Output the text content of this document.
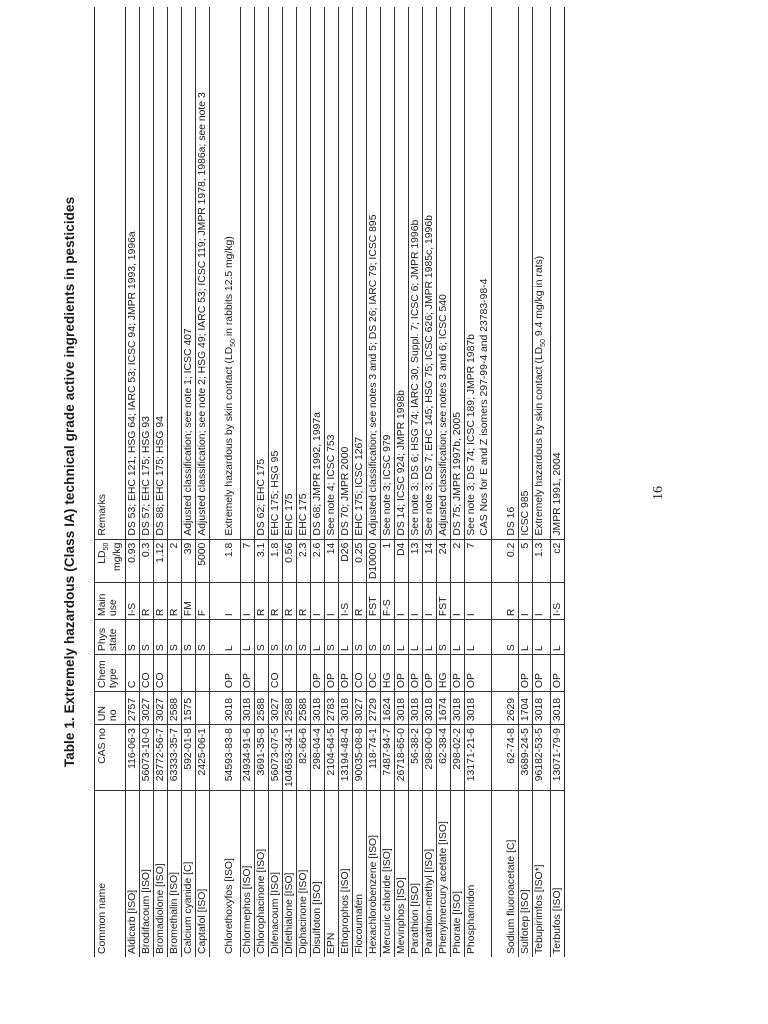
Table 1. Extremely hazardous (Class IA) technical grade active ingredients in pesticides
Common name	CAS no	UN no	Chem type	Phys state	Main use	$LD_{50}$ mg/kg	Remarks
Aldicarb [ISO]	116-06-3	2757	C	S	I-S	0.93	DS 53; EHC 121; HSG 64; IARC 53; ICSC 94; JMPR 1993, 1996a
Brodifacoum [ISO]	56073-10-0	3027	CO	S	R	0.3	DS 57; EHC 175; HSG 93
Bromadiolone [ISO]	28772-56-7	3027	CO	S	R	1.12	DS 88; EHC 175; HSG 94
Bromethalin [ISO]	63333-35-7	2588		S	R	2	
Calcium cyanide [C]	592-01-8	1575		S	FM	39	Adjusted classification; see note 1; ICSC 407
Captafol [ISO]	2425-06-1			S	F	5000	Adjusted classification; see note 2; HSG 49; IARC 53; ICSC 119; JMPR 1978, 1986a; see note 3
Chlorethoxyfos [ISO]	54593-83-8	3018	OP	L	I	1.8	Extremely hazardous by skin contact ($LD_{50}$ in rabbits 12.5 mg/kg)
Chlormephos [ISO]	24934-91-6	3018	OP	L	I	7	
Chlorophacinone [ISO]	3691-35-8	2588		S	R	3.1	DS 62; EHC 175
Difenacoum [ISO]	56073-07-5	3027	CO	S	R	1.8	EHC 175; HSG 95
Difethialone [ISO]	104653-34-1	2588		S	R	0.56	EHC 175
Diphacinone [ISO]	82-66-6	2588		S	R	2.3	EHC 175
Disulfoton [ISO]	298-04-4	3018	OP	L	I	2.6	DS 68; JMPR 1992, 1997a
EPN	2104-64-5	2783	OP	S	I	14	See note 4; ICSC 753
Ethoprophos [ISO]	13194-48-4	3018	OP	L	I-S	D26	DS 70; JMPR 2000
Flocoumafen	90035-08-8	3027	CO	S	R	0.25	EHC 175; ICSC 1267
Hexachlorobenzene [ISO]	118-74-1	2729	OC	S	FST	D10000	Adjusted classification; see notes 3 and 5; DS 26; IARC 79; ICSC 895
Mercuric chloride [ISO]	7487-94-7	1624	HG	S	F-S	1	See note 3; ICSC 979
Mevinphos [ISO]	26718-65-0	3018	OP	L	I	D4	DS 14; ICSC 924; JMPR 1998b
Parathion [ISO]	56-38-2	3018	OP	L	I	13	See note 3; DS 6; HSG 74; IARC 30, Suppl. 7; ICSC 6; JMPR 1996b
Parathion-methyl [ISO]	298-00-0	3018	OP	L	I	14	See note 3; DS 7; EHC 145; HSG 75; ICSC 626; JMPR 1985c, 1996b
Phenylmercury acetate [ISO]	62-38-4	1674	HG	S	FST	24	Adjusted classification; see notes 3 and 6; ICSC 540
Phorate [ISO]	298-02-2	3018	OP	L	I	2	DS 75; JMPR 1997b, 2005
Phosphamidon	13171-21-6	3018	OP	L	I	7	See note 3; DS 74; ICSC 189; JMPR 1987b CAS Nos for E and Z isomers 297-99-4 and 23783-98-4

Sodium fluoroacetate [C]	62-74-8	2629		S	R	0.2	DS 16
Sulfotep [ISO]	3689-24-5	1704	OP	L	I	5	ICSC 985
Tebupirimfos [ISO*]	96182-53-5	3018	OP	L	I	1.3	Extremely hazardous by skin contact ($LD_{50}$ 9.4 mg/kg in rats)
Terbufos [ISO]	13071-79-9	3018	OP	L	I-S	c2	JMPR 1991, 2004	16
